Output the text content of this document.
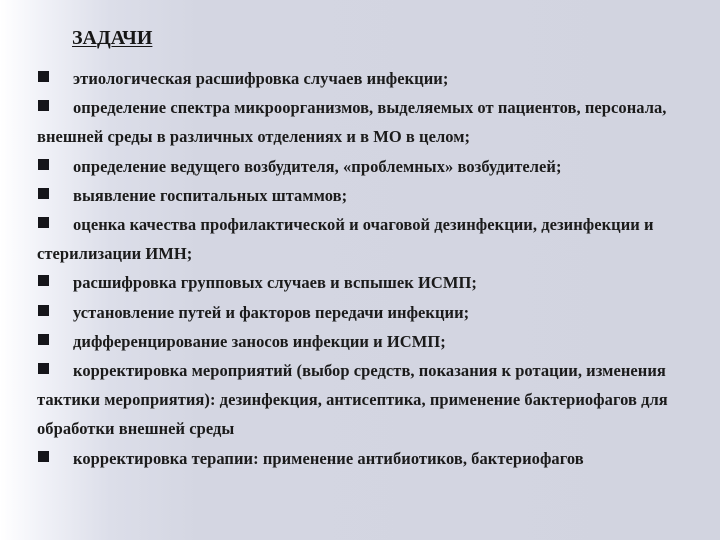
ЗАДАЧИ
этиологическая расшифровка случаев инфекции;
определение спектра микроорганизмов, выделяемых от пациентов, персонала, внешней среды в различных отделениях и в МО в целом;
определение ведущего возбудителя, «проблемных» возбудителей;
выявление госпитальных штаммов;
оценка качества профилактической и очаговой дезинфекции, дезинфекции и стерилизации ИМН;
расшифровка групповых случаев и вспышек ИСМП;
установление путей и факторов передачи инфекции;
дифференцирование заносов инфекции и ИСМП;
корректировка мероприятий (выбор средств, показания к ротации, изменения тактики мероприятия): дезинфекция, антисептика, применение бактериофагов для обработки внешней среды
корректировка терапии: применение антибиотиков, бактериофагов
